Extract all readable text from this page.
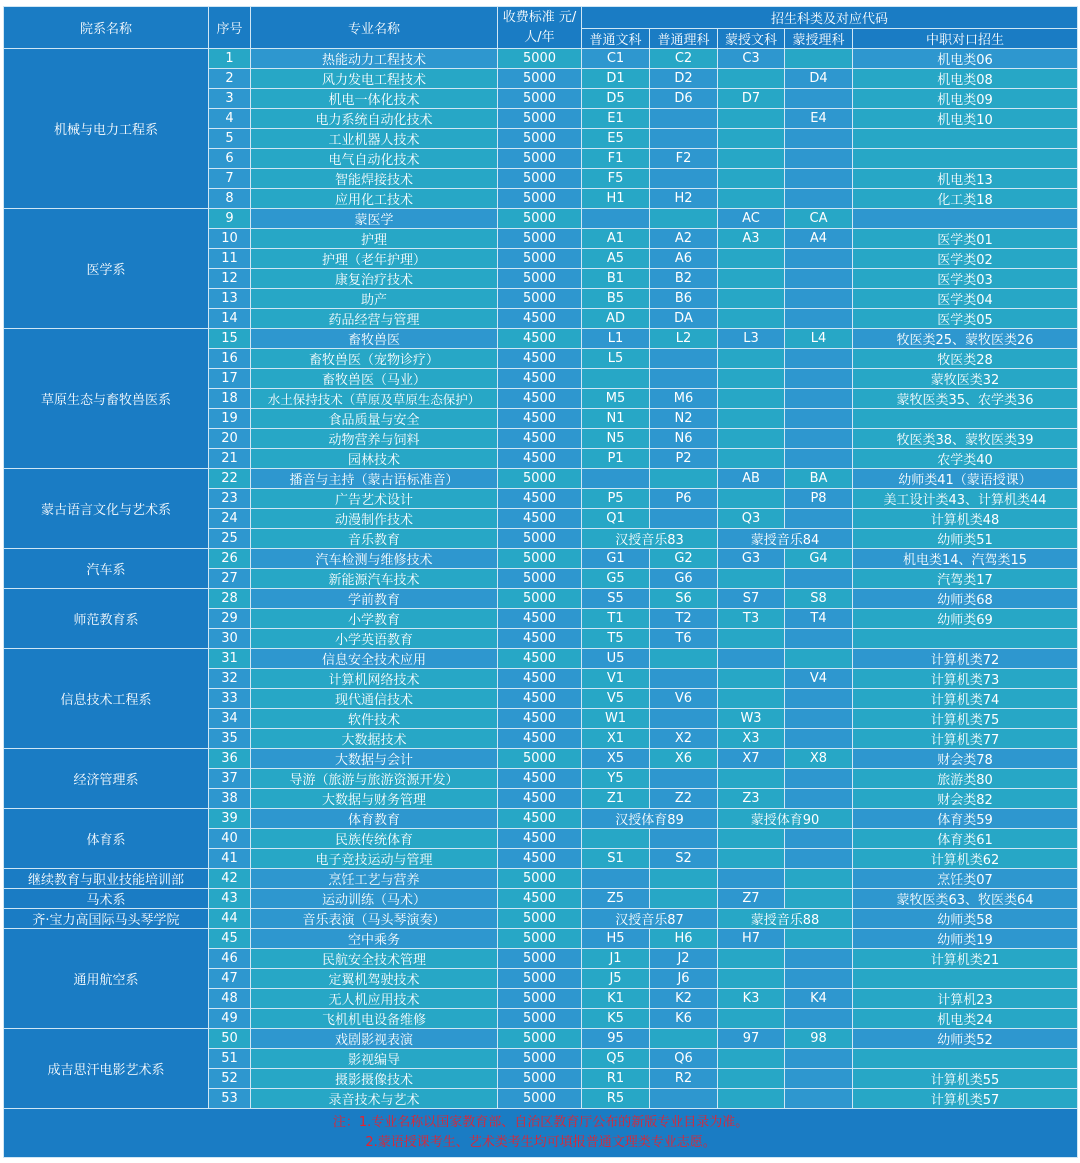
院系名称	序号	专业名称	收费标准 元/人/年	招生科类及对应代码				
				普通文科	普通理科	蒙授文科	蒙授理科	中职对口招生
机械与电力工程系	1	热能动力工程技术	5000	C1	C2	C3		机电类06
	2	风力发电工程技术	5000	D1	D2		D4	机电类08
	3	机电一体化技术	5000	D5	D6	D7		机电类09
	4	电力系统自动化技术	5000	E1			E4	机电类10
	5	工业机器人技术	5000	E5				
	6	电气自动化技术	5000	F1	F2			
	7	智能焊接技术	5000	F5				机电类13
	8	应用化工技术	5000	H1	H2			化工类18
医学系	9	蒙医学	5000			AC	CA	
	10	护理	5000	A1	A2	A3	A4	医学类01
	11	护理（老年护理）	5000	A5	A6			医学类02
	12	康复治疗技术	5000	B1	B2			医学类03
	13	助产	5000	B5	B6			医学类04
	14	药品经营与管理	4500	AD	DA			医学类05
草原生态与畜牧兽医系	15	畜牧兽医	4500	L1	L2	L3	L4	牧医类25、蒙牧医类26
	16	畜牧兽医（宠物诊疗）	4500	L5				牧医类28
	17	畜牧兽医（马业）	4500					蒙牧医类32
	18	水土保持技术（草原及草原生态保护）	4500	M5	M6			蒙牧医类35、农学类36
	19	食品质量与安全	4500	N1	N2			
	20	动物营养与饲料	4500	N5	N6			牧医类38、蒙牧医类39
	21	园林技术	4500	P1	P2			农学类40
蒙古语言文化与艺术系	22	播音与主持（蒙古语标准音）	5000			AB	BA	幼师类41（蒙语授课）
	23	广告艺术设计	4500	P5	P6		P8	美工设计类43、计算机类44
	24	动漫制作技术	4500	Q1		Q3		计算机类48
	25	音乐教育	5000	汉授音乐83		蒙授音乐84		幼师类51
汽车系	26	汽车检测与维修技术	5000	G1	G2	G3	G4	机电类14、汽驾类15
	27	新能源汽车技术	5000	G5	G6			汽驾类17
师范教育系	28	学前教育	5000	S5	S6	S7	S8	幼师类68
	29	小学教育	4500	T1	T2	T3	T4	幼师类69
	30	小学英语教育	4500	T5	T6			
信息技术工程系	31	信息安全技术应用	4500	U5				计算机类72
	32	计算机网络技术	4500	V1			V4	计算机类73
	33	现代通信技术	4500	V5	V6			计算机类74
	34	软件技术	4500	W1		W3		计算机类75
	35	大数据技术	4500	X1	X2	X3		计算机类77
经济管理系	36	大数据与会计	5000	X5	X6	X7	X8	财会类78
	37	导游（旅游与旅游资源开发）	4500	Y5				旅游类80
	38	大数据与财务管理	4500	Z1	Z2	Z3		财会类82
体育系	39	体育教育	4500	汉授体育89		蒙授体育90		体育类59
	40	民族传统体育	4500					体育类61
	41	电子竞技运动与管理	4500	S1	S2			计算机类62
继续教育与职业技能培训部	42	烹饪工艺与营养	5000					烹饪类07
马术系	43	运动训练（马术）	4500	Z5		Z7		蒙牧医类63、牧医类64
齐·宝力高国际马头琴学院	44	音乐表演（马头琴演奏）	5000	汉授音乐87		蒙授音乐88		幼师类58
通用航空系	45	空中乘务	5000	H5	H6	H7		幼师类19
	46	民航安全技术管理	5000	J1	J2			计算机类21
	47	定翼机驾驶技术	5000	J5	J6			
	48	无人机应用技术	5000	K1	K2	K3	K4	计算机23
	49	飞机机电设备维修	5000	K5	K6			机电类24
成吉思汗电影艺术系	50	戏剧影视表演	5000	95		97	98	幼师类52
	51	影视编导	5000	Q5	Q6			
	52	摄影摄像技术	5000	R1	R2			计算机类55
	53	录音技术与艺术	5000	R5				计算机类57

注：1.专业名称以国家教育部、自治区教育厅公布的新版专业目录为准。
2.蒙语授课考生、艺术类考生均可填报普通文理类专业志愿。								
